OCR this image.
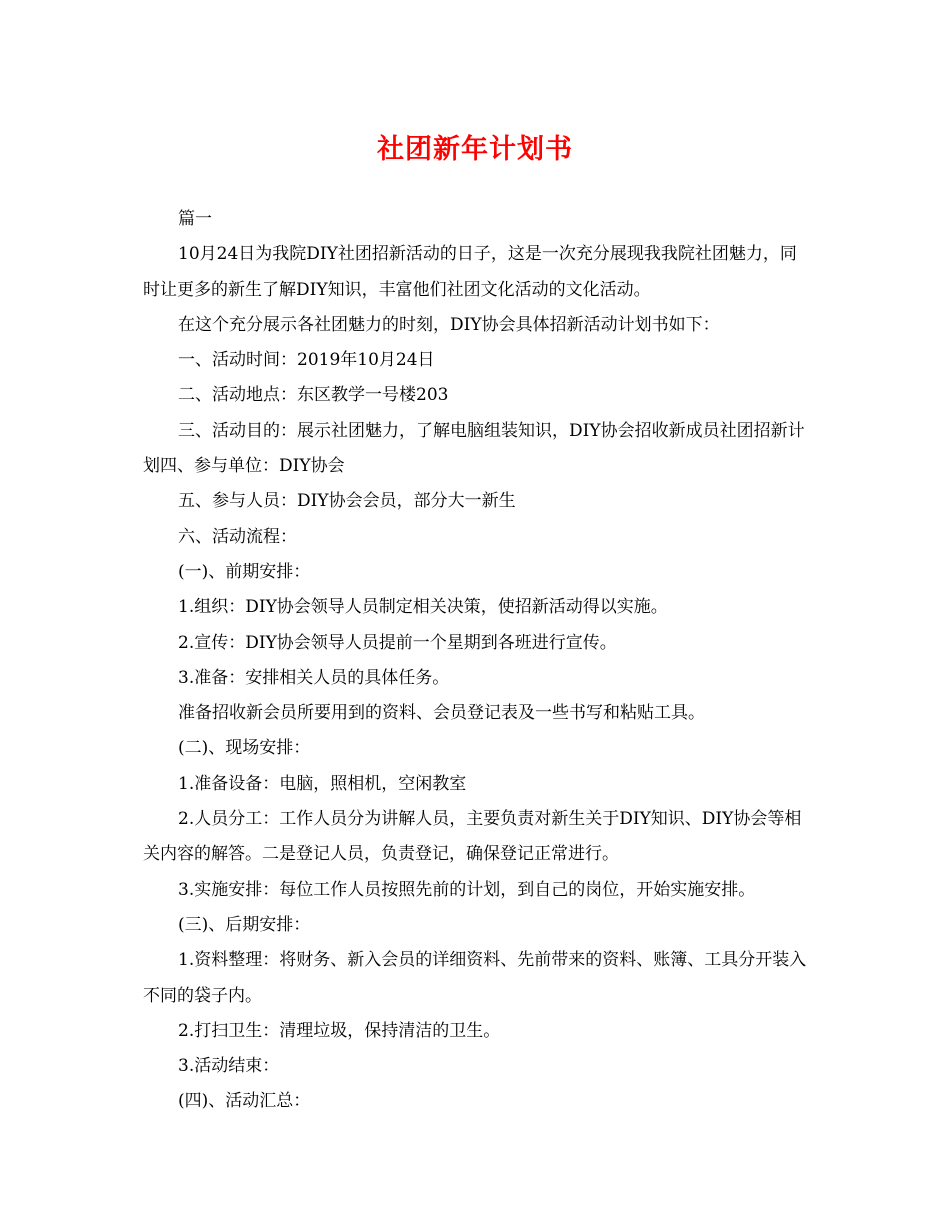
社团新年计划书

篇一

10月24日为我院DIY社团招新活动的日子，这是一次充分展现我我院社团魅力，同时让更多的新生了解DIY知识，丰富他们社团文化活动的文化活动。

在这个充分展示各社团魅力的时刻，DIY协会具体招新活动计划书如下：

一、活动时间：2019年10月24日

二、活动地点：东区教学一号楼203

三、活动目的：展示社团魅力，了解电脑组装知识，DIY协会招收新成员社团招新计划四、参与单位：DIY协会

五、参与人员：DIY协会会员，部分大一新生

六、活动流程：

(一)、前期安排：

1.组织：DIY协会领导人员制定相关决策，使招新活动得以实施。

2.宣传：DIY协会领导人员提前一个星期到各班进行宣传。

3.准备：安排相关人员的具体任务。

准备招收新会员所要用到的资料、会员登记表及一些书写和粘贴工具。

(二)、现场安排：

1.准备设备：电脑，照相机，空闲教室

2.人员分工：工作人员分为讲解人员，主要负责对新生关于DIY知识、DIY协会等相关内容的解答。二是登记人员，负责登记，确保登记正常进行。

3.实施安排：每位工作人员按照先前的计划，到自己的岗位，开始实施安排。

(三)、后期安排：

1.资料整理：将财务、新入会员的详细资料、先前带来的资料、账簿、工具分开装入不同的袋子内。

2.打扫卫生：清理垃圾，保持清洁的卫生。

3.活动结束：

(四)、活动汇总：
